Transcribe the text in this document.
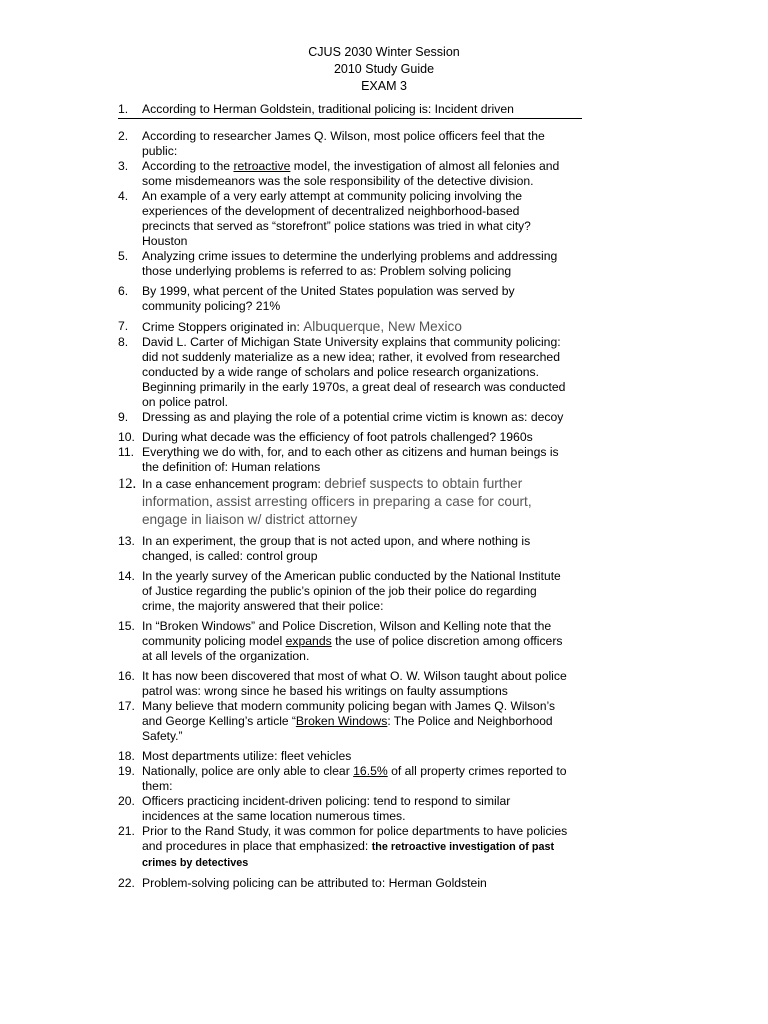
CJUS 2030 Winter Session
2010 Study Guide
EXAM 3
1. According to Herman Goldstein, traditional policing is: Incident driven
2. According to researcher James Q. Wilson, most police officers feel that the public:
3. According to the retroactive model, the investigation of almost all felonies and some misdemeanors was the sole responsibility of the detective division.
4. An example of a very early attempt at community policing involving the experiences of the development of decentralized neighborhood-based precincts that served as “storefront” police stations was tried in what city?
Houston
5. Analyzing crime issues to determine the underlying problems and addressing those underlying problems is referred to as: Problem solving policing
6. By 1999, what percent of the United States population was served by community policing? 21%
7. Crime Stoppers originated in: Albuquerque, New Mexico
8. David L. Carter of Michigan State University explains that community policing: did not suddenly materialize as a new idea; rather, it evolved from researched conducted by a wide range of scholars and police research organizations. Beginning primarily in the early 1970s, a great deal of research was conducted on police patrol.
9. Dressing as and playing the role of a potential crime victim is known as: decoy
10. During what decade was the efficiency of foot patrols challenged? 1960s
11. Everything we do with, for, and to each other as citizens and human beings is the definition of: Human relations
12. In a case enhancement program: debrief suspects to obtain further information, assist arresting officers in preparing a case for court, engage in liaison w/ district attorney
13. In an experiment, the group that is not acted upon, and where nothing is changed, is called: control group
14. In the yearly survey of the American public conducted by the National Institute of Justice regarding the public’s opinion of the job their police do regarding crime, the majority answered that their police:
15. In “Broken Windows” and Police Discretion, Wilson and Kelling note that the community policing model expands the use of police discretion among officers at all levels of the organization.
16. It has now been discovered that most of what O. W. Wilson taught about police patrol was: wrong since he based his writings on faulty assumptions
17. Many believe that modern community policing began with James Q. Wilson’s and George Kelling’s article “Broken Windows: The Police and Neighborhood Safety.”
18. Most departments utilize: fleet vehicles
19. Nationally, police are only able to clear 16.5% of all property crimes reported to them:
20. Officers practicing incident-driven policing: tend to respond to similar incidences at the same location numerous times.
21. Prior to the Rand Study, it was common for police departments to have policies and procedures in place that emphasized: the retroactive investigation of past crimes by detectives
22. Problem-solving policing can be attributed to: Herman Goldstein
